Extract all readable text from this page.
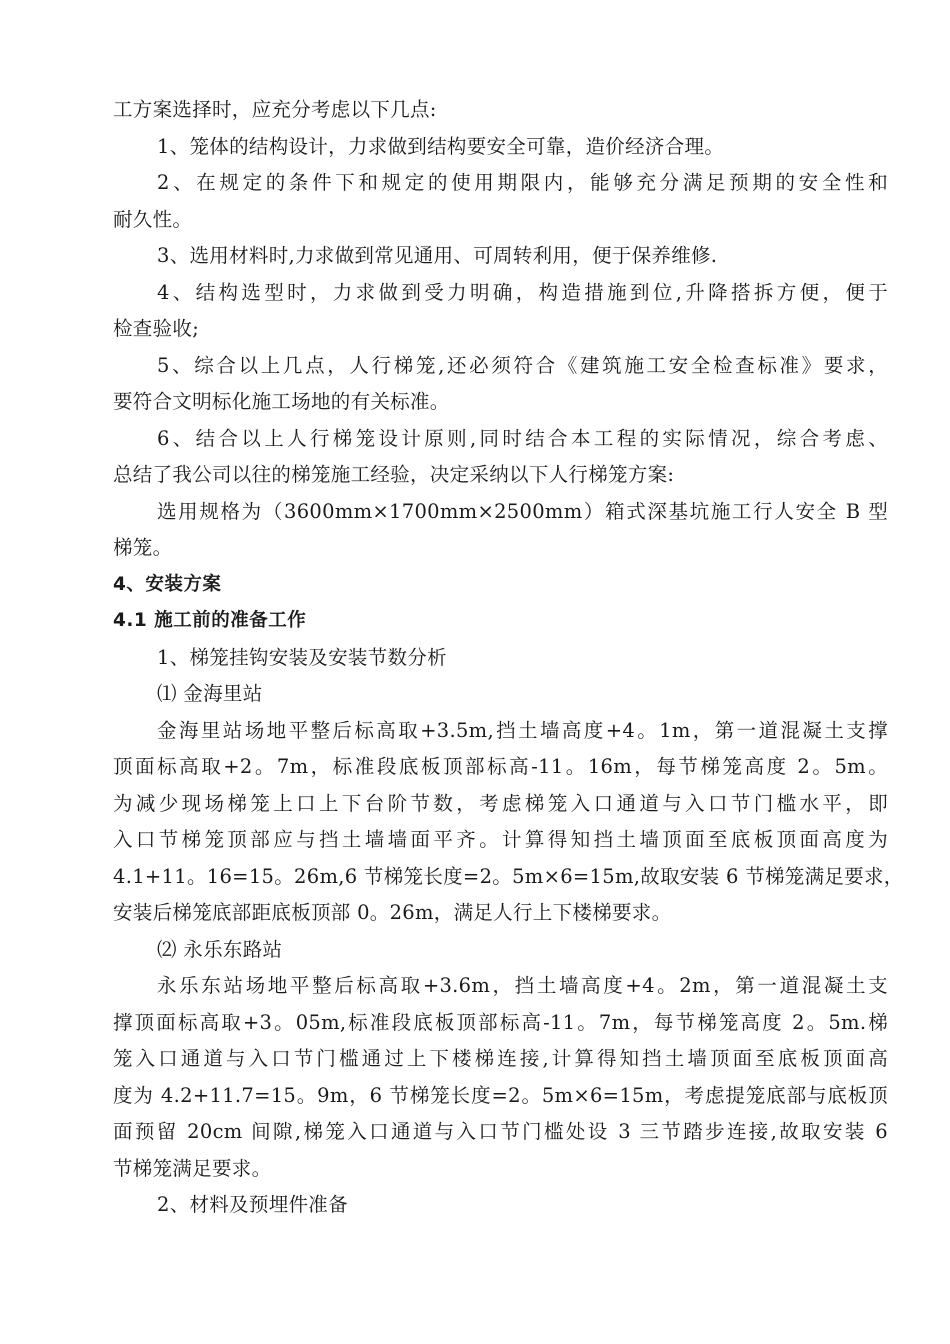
工方案选择时，应充分考虑以下几点:
1、笼体的结构设计，力求做到结构要安全可靠，造价经济合理。
2、在规定的条件下和规定的使用期限内，能够充分满足预期的安全性和
耐久性。
3、选用材料时,力求做到常见通用、可周转利用，便于保养维修.
4、结构选型时，力求做到受力明确，构造措施到位,升降搭拆方便，便于
检查验收;
5、综合以上几点，人行梯笼,还必须符合《建筑施工安全检查标准》要求，
要符合文明标化施工场地的有关标准。
6、结合以上人行梯笼设计原则,同时结合本工程的实际情况，综合考虑、
总结了我公司以往的梯笼施工经验，决定采纳以下人行梯笼方案:
选用规格为（3600mm×1700mm×2500mm）箱式深基坑施工行人安全 B 型
梯笼。
4、安装方案
4.1 施工前的准备工作
1、梯笼挂钩安装及安装节数分析
⑴ 金海里站
金海里站场地平整后标高取+3.5m,挡土墙高度+4。1m，第一道混凝土支撑
顶面标高取+2。7m，标准段底板顶部标高-11。16m，每节梯笼高度 2。5m。
为减少现场梯笼上口上下台阶节数，考虑梯笼入口通道与入口节门槛水平，即
入口节梯笼顶部应与挡土墙墙面平齐。计算得知挡土墙顶面至底板顶面高度为
4.1+11。16=15。26m,6 节梯笼长度=2。5m×6=15m,故取安装 6 节梯笼满足要求，
安装后梯笼底部距底板顶部 0。26m，满足人行上下楼梯要求。
⑵ 永乐东路站
永乐东站场地平整后标高取+3.6m，挡土墙高度+4。2m，第一道混凝土支
撑顶面标高取+3。05m,标准段底板顶部标高-11。7m，每节梯笼高度 2。5m.梯
笼入口通道与入口节门槛通过上下楼梯连接,计算得知挡土墙顶面至底板顶面高
度为 4.2+11.7=15。9m，6 节梯笼长度=2。5m×6=15m，考虑提笼底部与底板顶
面预留 20cm 间隙,梯笼入口通道与入口节门槛处设 3 三节踏步连接,故取安装 6
节梯笼满足要求。
2、材料及预埋件准备
